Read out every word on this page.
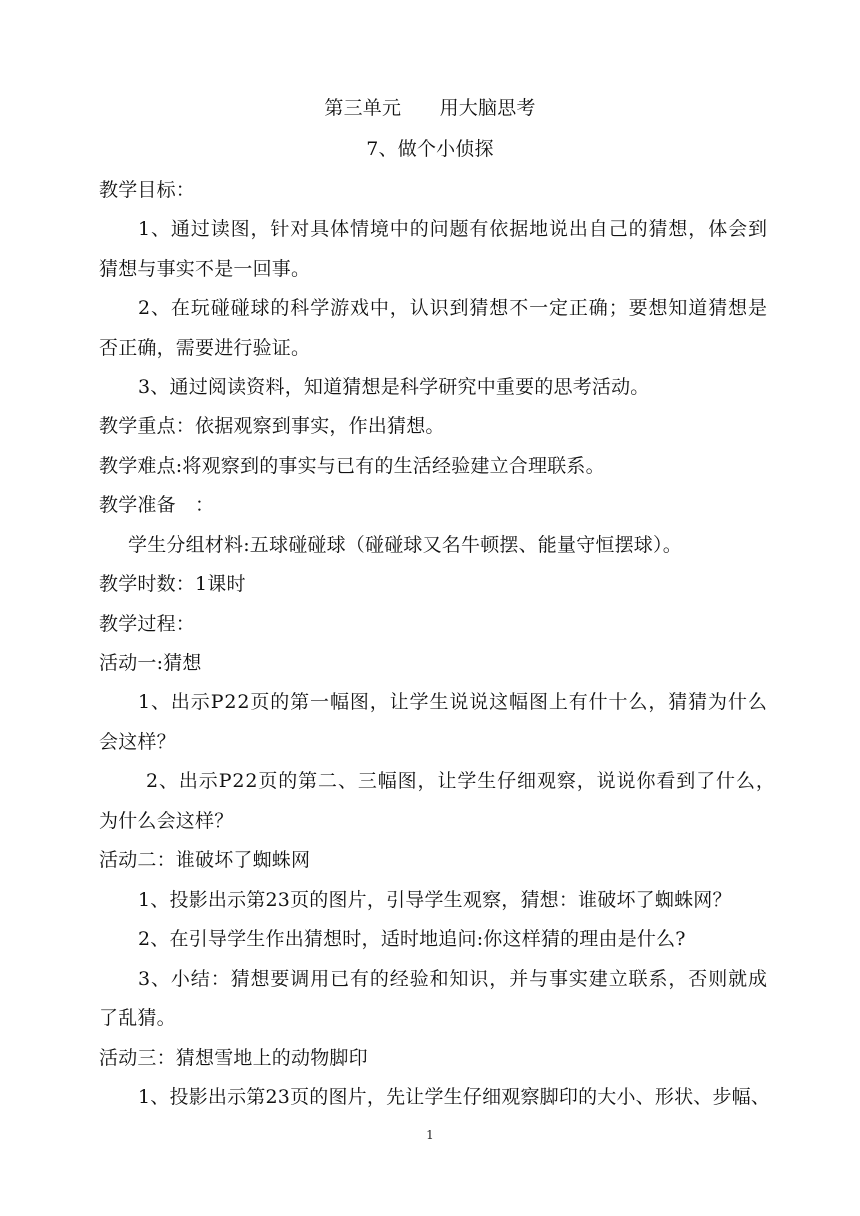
第三单元　　用大脑思考
7、做个小侦探
教学目标：
1、通过读图，针对具体情境中的问题有依据地说出自己的猜想，体会到
猜想与事实不是一回事。
2、在玩碰碰球的科学游戏中，认识到猜想不一定正确；要想知道猜想是
否正确，需要进行验证。
3、通过阅读资料，知道猜想是科学研究中重要的思考活动。
教学重点：依据观察到事实，作出猜想。
教学难点:将观察到的事实与已有的生活经验建立合理联系。
教学准备　：
学生分组材料:五球碰碰球（碰碰球又名牛顿摆、能量守恒摆球）。
教学时数：1课时
教学过程：
活动一:猜想
1、出示P22页的第一幅图，让学生说说这幅图上有什十么，猜猜为什么
会这样？
2、出示P22页的第二、三幅图，让学生仔细观察，说说你看到了什么，
为什么会这样？
活动二：谁破坏了蜘蛛网
1、投影出示第23页的图片，引导学生观察，猜想：谁破坏了蜘蛛网？
2、在引导学生作出猜想时，适时地追问:你这样猜的理由是什么?
3、小结：猜想要调用已有的经验和知识，并与事实建立联系，否则就成
了乱猜。
活动三：猜想雪地上的动物脚印
1、投影出示第23页的图片，先让学生仔细观察脚印的大小、形状、步幅、
1
